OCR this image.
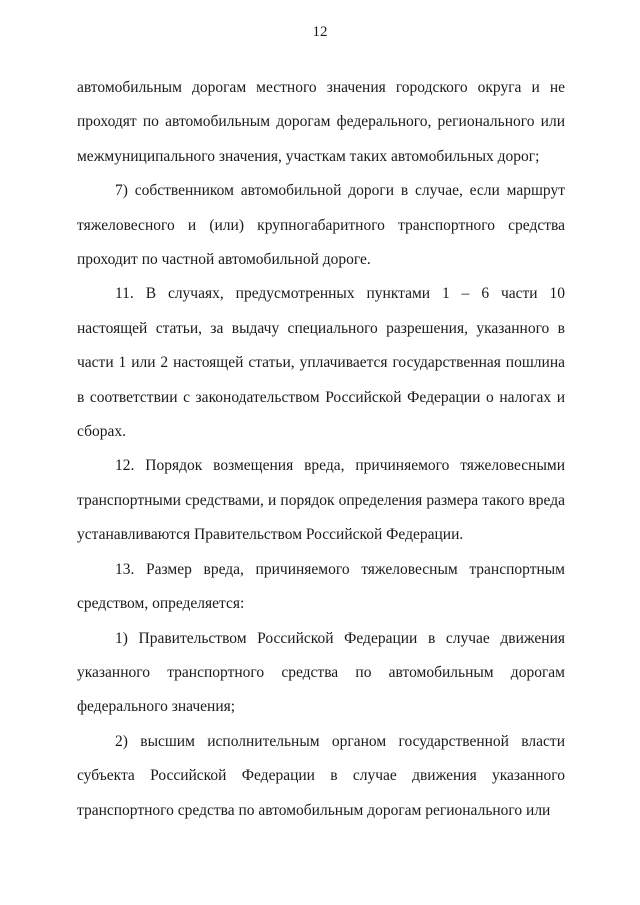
12

автомобильным дорогам местного значения городского округа и не проходят по автомобильным дорогам федерального, регионального или межмуниципального значения, участкам таких автомобильных дорог;

7) собственником автомобильной дороги в случае, если маршрут тяжеловесного и (или) крупногабаритного транспортного средства проходит по частной автомобильной дороге.

11. В случаях, предусмотренных пунктами 1 – 6 части 10 настоящей статьи, за выдачу специального разрешения, указанного в части 1 или 2 настоящей статьи, уплачивается государственная пошлина в соответствии с законодательством Российской Федерации о налогах и сборах.

12. Порядок возмещения вреда, причиняемого тяжеловесными транспортными средствами, и порядок определения размера такого вреда устанавливаются Правительством Российской Федерации.

13. Размер вреда, причиняемого тяжеловесным транспортным средством, определяется:

1) Правительством Российской Федерации в случае движения указанного транспортного средства по автомобильным дорогам федерального значения;

2) высшим исполнительным органом государственной власти субъекта Российской Федерации в случае движения указанного транспортного средства по автомобильным дорогам регионального или
